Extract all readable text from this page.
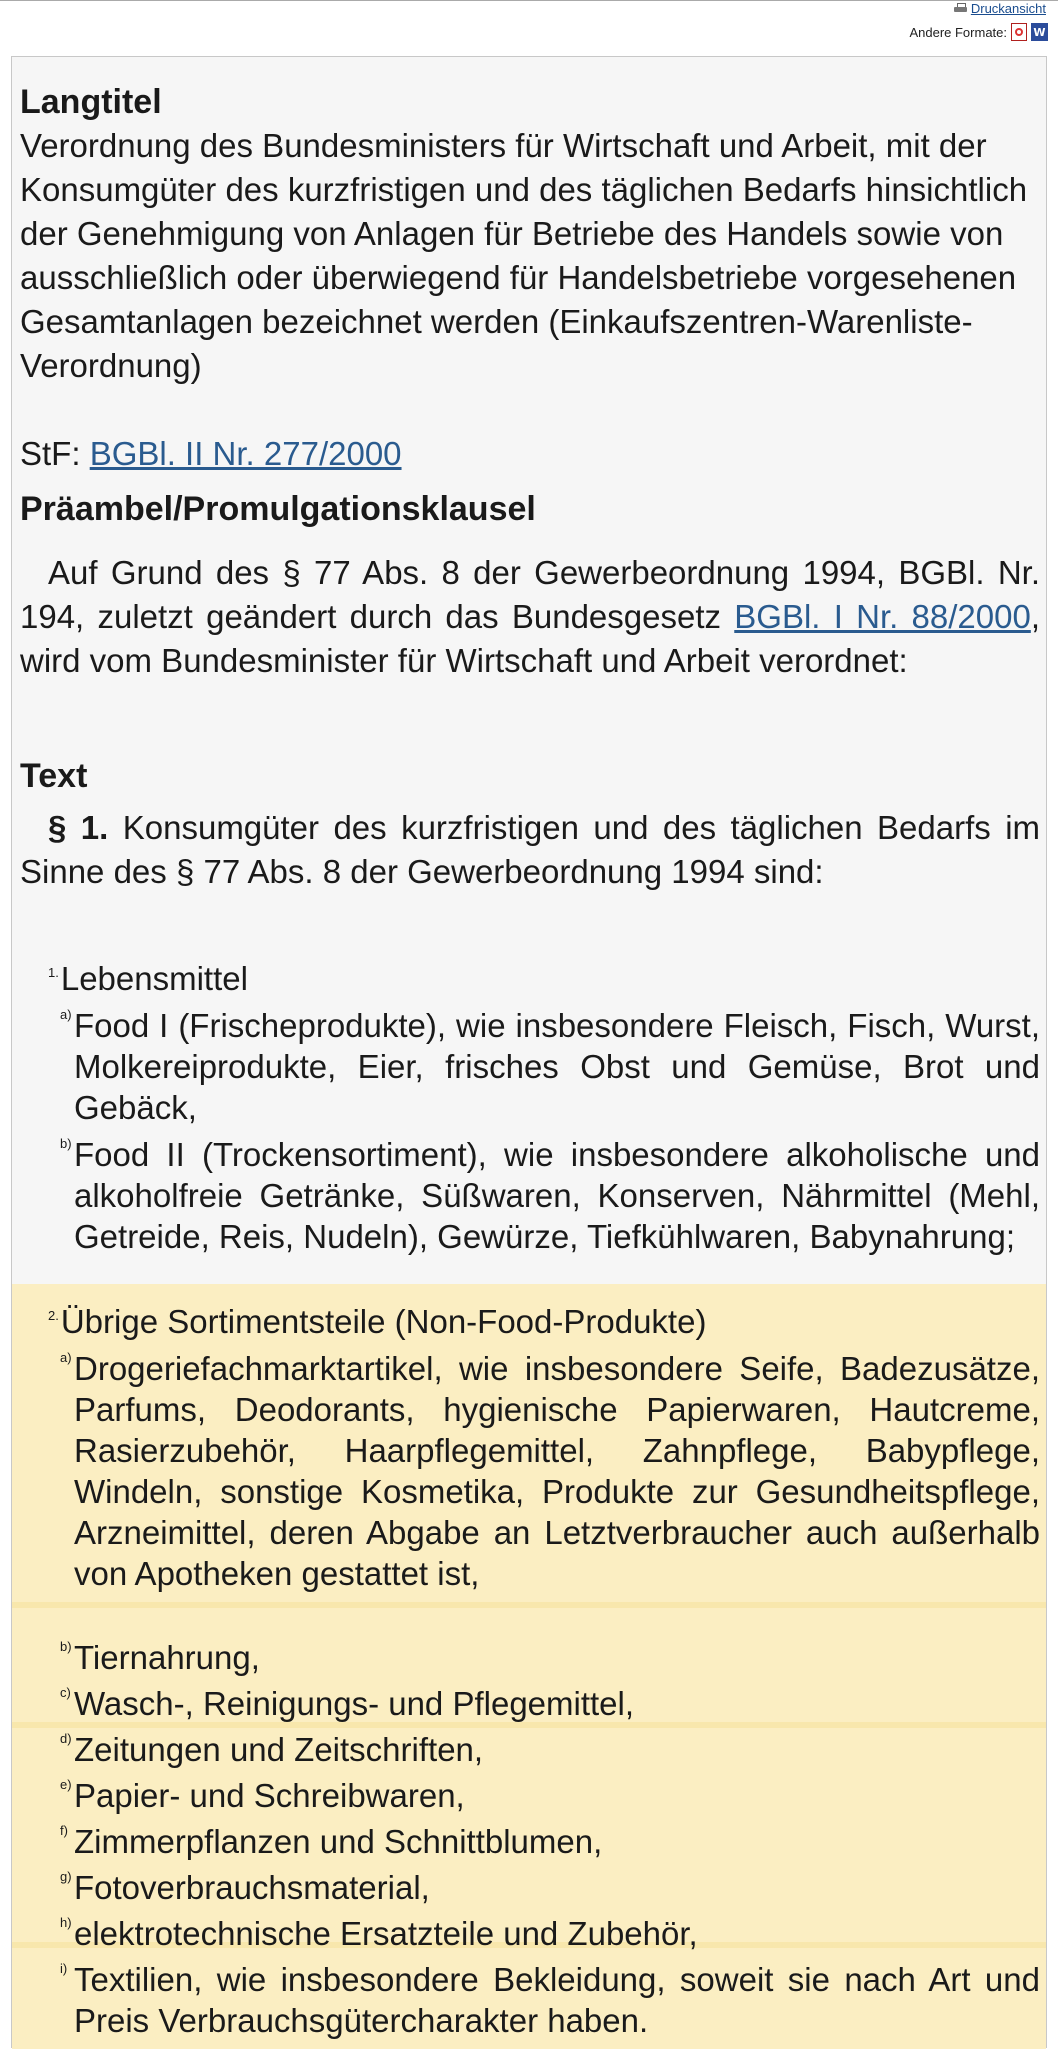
Druckansicht
Andere Formate: W
Langtitel
Verordnung des Bundesministers für Wirtschaft und Arbeit, mit der Konsumgüter des kurzfristigen und des täglichen Bedarfs hinsichtlich der Genehmigung von Anlagen für Betriebe des Handels sowie von ausschließlich oder überwiegend für Handelsbetriebe vorgesehenen Gesamtanlagen bezeichnet werden (Einkaufszentren-Warenliste-Verordnung)
StF: BGBl. II Nr. 277/2000
Präambel/Promulgationsklausel
Auf Grund des § 77 Abs. 8 der Gewerbeordnung 1994, BGBl. Nr. 194, zuletzt geändert durch das Bundesgesetz BGBl. I Nr. 88/2000, wird vom Bundesminister für Wirtschaft und Arbeit verordnet:
Text
§ 1. Konsumgüter des kurzfristigen und des täglichen Bedarfs im Sinne des § 77 Abs. 8 der Gewerbeordnung 1994 sind:
$^{1.}$Lebensmittel
a) Food I (Frischeprodukte), wie insbesondere Fleisch, Fisch, Wurst, Molkereiprodukte, Eier, frisches Obst und Gemüse, Brot und Gebäck,
b) Food II (Trockensortiment), wie insbesondere alkoholische und alkoholfreie Getränke, Süßwaren, Konserven, Nährmittel (Mehl, Getreide, Reis, Nudeln), Gewürze, Tiefkühlwaren, Babynahrung;
$^{2.}$Übrige Sortimentsteile (Non-Food-Produkte)
a) Drogeriefachmarktartikel, wie insbesondere Seife, Badezusätze, Parfums, Deodorants, hygienische Papierwaren, Hautcreme, Rasierzubehör, Haarpflegemittel, Zahnpflege, Babypflege, Windeln, sonstige Kosmetika, Produkte zur Gesundheitspflege, Arzneimittel, deren Abgabe an Letztverbraucher auch außerhalb von Apotheken gestattet ist,
b) Tiernahrung,
c) Wasch-, Reinigungs- und Pflegemittel,
d) Zeitungen und Zeitschriften,
e) Papier- und Schreibwaren,
f) Zimmerpflanzen und Schnittblumen,
g) Fotoverbrauchsmaterial,
h) elektrotechnische Ersatzteile und Zubehör,
i) Textilien, wie insbesondere Bekleidung, soweit sie nach Art und Preis Verbrauchsgütercharakter haben.
